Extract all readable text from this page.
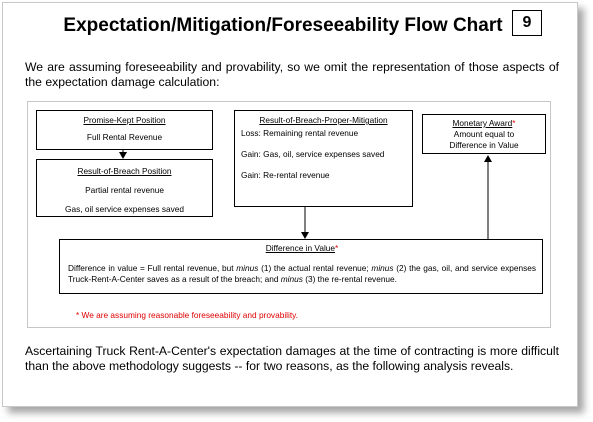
Expectation/Mitigation/Foreseeability Flow Chart	9
We are assuming foreseeability and provability, so we omit the representation of those aspects of the expectation damage calculation:
Promise-Kept Position
Full Rental Revenue
Result-of-Breach Position
Partial rental revenue
Gas, oil service expenses saved
Result-of-Breach-Proper-Mitigation
Loss: Remaining rental revenue
Gain: Gas, oil, service expenses saved
Gain: Re-rental revenue
Monetary Award*
Amount equal to
Difference in Value
Difference in Value*
Difference in value = Full rental revenue, but minus (1) the actual rental revenue; minus (2) the gas, oil, and service expenses Truck-Rent-A-Center saves as a result of the breach; and minus (3) the re-rental revenue.
* We are assuming reasonable foreseeability and provability.
Ascertaining Truck Rent-A-Center's expectation damages at the time of contracting is more difficult than the above methodology suggests -- for two reasons, as the following analysis reveals.
